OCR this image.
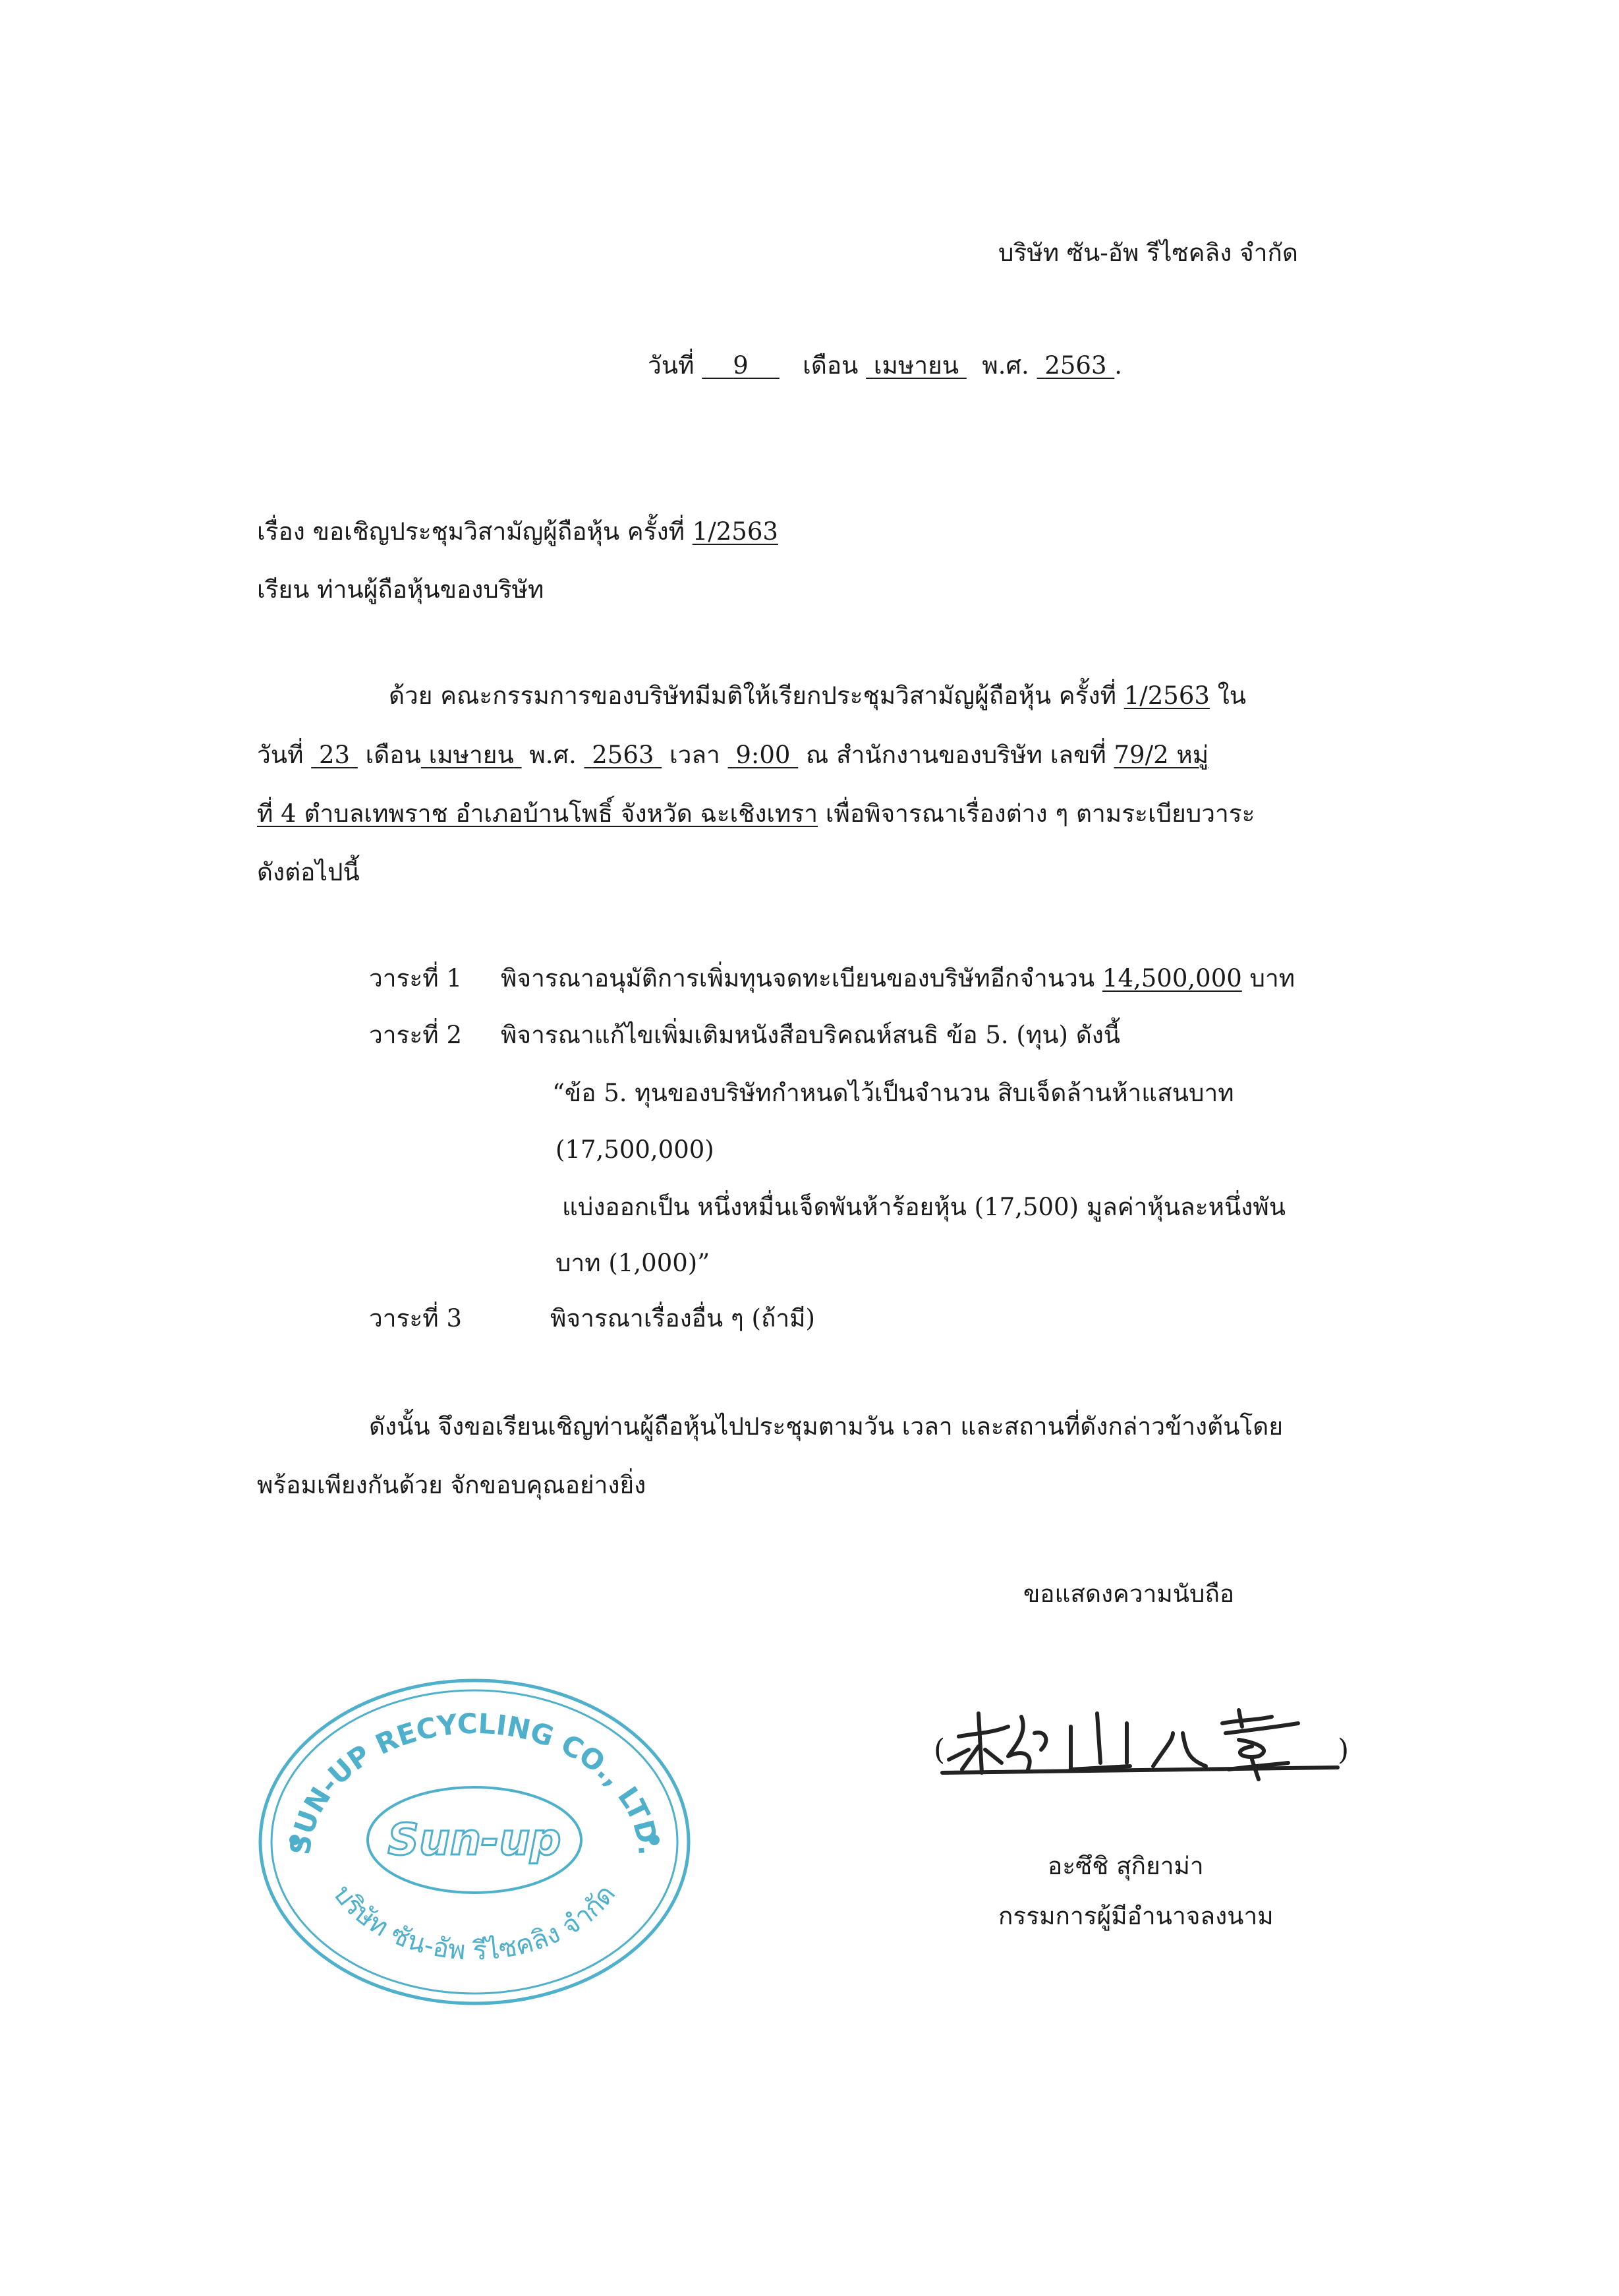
บริษัท ซัน-อัพ รีไซคลิง จำกัด
วันที่ 9 เดือน เมษายน พ.ศ. 2563 .
เรื่อง ขอเชิญประชุมวิสามัญผู้ถือหุ้น ครั้งที่ 1/2563
เรียน ท่านผู้ถือหุ้นของบริษัท
ด้วย คณะกรรมการของบริษัทมีมติให้เรียกประชุมวิสามัญผู้ถือหุ้น ครั้งที่ 1/2563 ใน
วันที่ 23 เดือน เมษายน พ.ศ. 2563 เวลา 9:00 ณ สำนักงานของบริษัท เลขที่ 79/2 หมู่
ที่ 4 ตำบลเทพราช อำเภอบ้านโพธิ์ จังหวัด ฉะเชิงเทรา เพื่อพิจารณาเรื่องต่าง ๆ ตามระเบียบวาระ
ดังต่อไปนี้
วาระที่ 1 พิจารณาอนุมัติการเพิ่มทุนจดทะเบียนของบริษัทอีกจำนวน 14,500,000 บาท
วาระที่ 2 พิจารณาแก้ไขเพิ่มเติมหนังสือบริคณห์สนธิ ข้อ 5. (ทุน) ดังนี้
“ข้อ 5. ทุนของบริษัทกำหนดไว้เป็นจำนวน สิบเจ็ดล้านห้าแสนบาท
(17,500,000)
แบ่งออกเป็น หนึ่งหมื่นเจ็ดพันห้าร้อยหุ้น (17,500) มูลค่าหุ้นละหนึ่งพัน
บาท (1,000)”
วาระที่ 3	พิจารณาเรื่องอื่น ๆ (ถ้ามี)
ดังนั้น จึงขอเรียนเชิญท่านผู้ถือหุ้นไปประชุมตามวัน เวลา และสถานที่ดังกล่าวข้างต้นโดย
พร้อมเพียงกันด้วย จักขอบคุณอย่างยิ่ง
ขอแสดงความนับถือ
(	)
อะซึชิ สุกิยาม่า
กรรมการผู้มีอำนาจลงนาม
SUN-UP RECYCLING CO., LTD.
Sun-up
บริษัท ซัน-อัพ รีไซคลิง จำกัด
